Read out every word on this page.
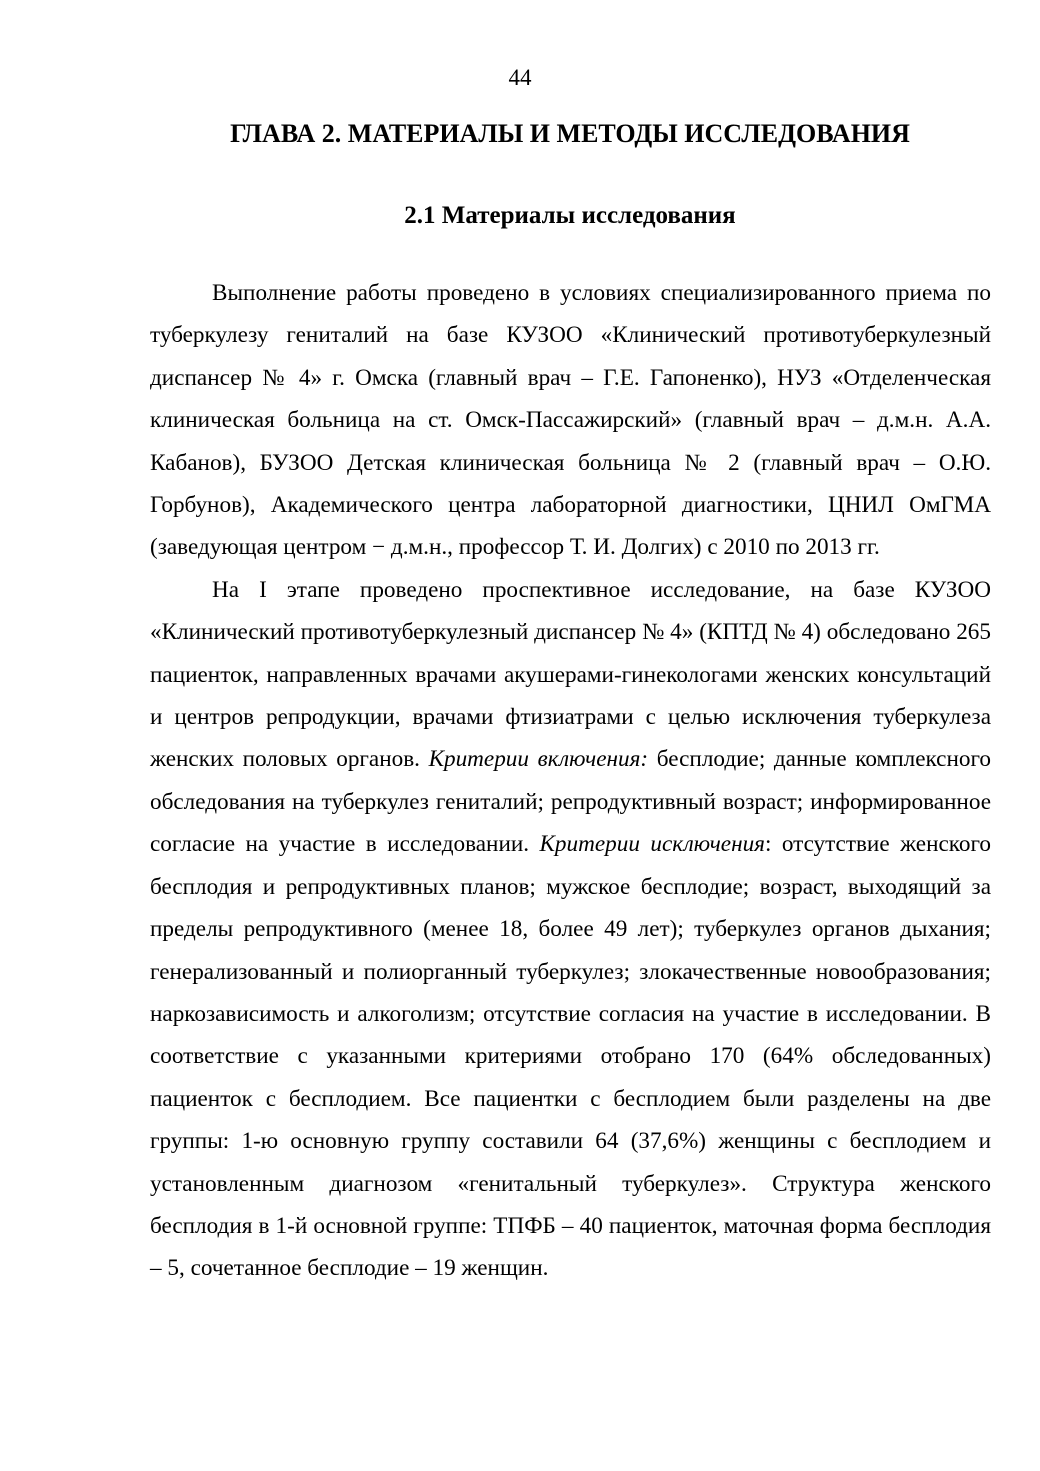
44
ГЛАВА 2. МАТЕРИАЛЫ И МЕТОДЫ ИССЛЕДОВАНИЯ
2.1 Материалы исследования

Выполнение работы проведено в условиях специализированного приема по туберкулезу гениталий на базе КУЗОО «Клинический противотуберкулезный диспансер № 4» г. Омска (главный врач – Г.Е. Гапоненко), НУЗ «Отделенческая клиническая больница на ст. Омск-Пассажирский» (главный врач – д.м.н. А.А. Кабанов), БУЗОО Детская клиническая больница № 2 (главный врач – О.Ю. Горбунов), Академического центра лабораторной диагностики, ЦНИЛ ОмГМА (заведующая центром − д.м.н., профессор Т. И. Долгих) с 2010 по 2013 гг.

На I этапе проведено проспективное исследование, на базе КУЗОО «Клинический противотуберкулезный диспансер № 4» (КПТД № 4) обследовано 265 пациенток, направленных врачами акушерами-гинекологами женских консультаций и центров репродукции, врачами фтизиатрами с целью исключения туберкулеза женских половых органов. Критерии включения: бесплодие; данные комплексного обследования на туберкулез гениталий; репродуктивный возраст; информированное согласие на участие в исследовании. Критерии исключения: отсутствие женского бесплодия и репродуктивных планов; мужское бесплодие; возраст, выходящий за пределы репродуктивного (менее 18, более 49 лет); туберкулез органов дыхания; генерализованный и полиорганный туберкулез; злокачественные новообразования; наркозависимость и алкоголизм; отсутствие согласия на участие в исследовании. В соответствие с указанными критериями отобрано 170 (64% обследованных) пациенток с бесплодием. Все пациентки с бесплодием были разделены на две группы: 1-ю основную группу составили 64 (37,6%) женщины с бесплодием и установленным диагнозом «генитальный туберкулез». Структура женского бесплодия в 1-й основной группе: ТПФБ – 40 пациенток, маточная форма бесплодия – 5, сочетанное бесплодие – 19 женщин.
